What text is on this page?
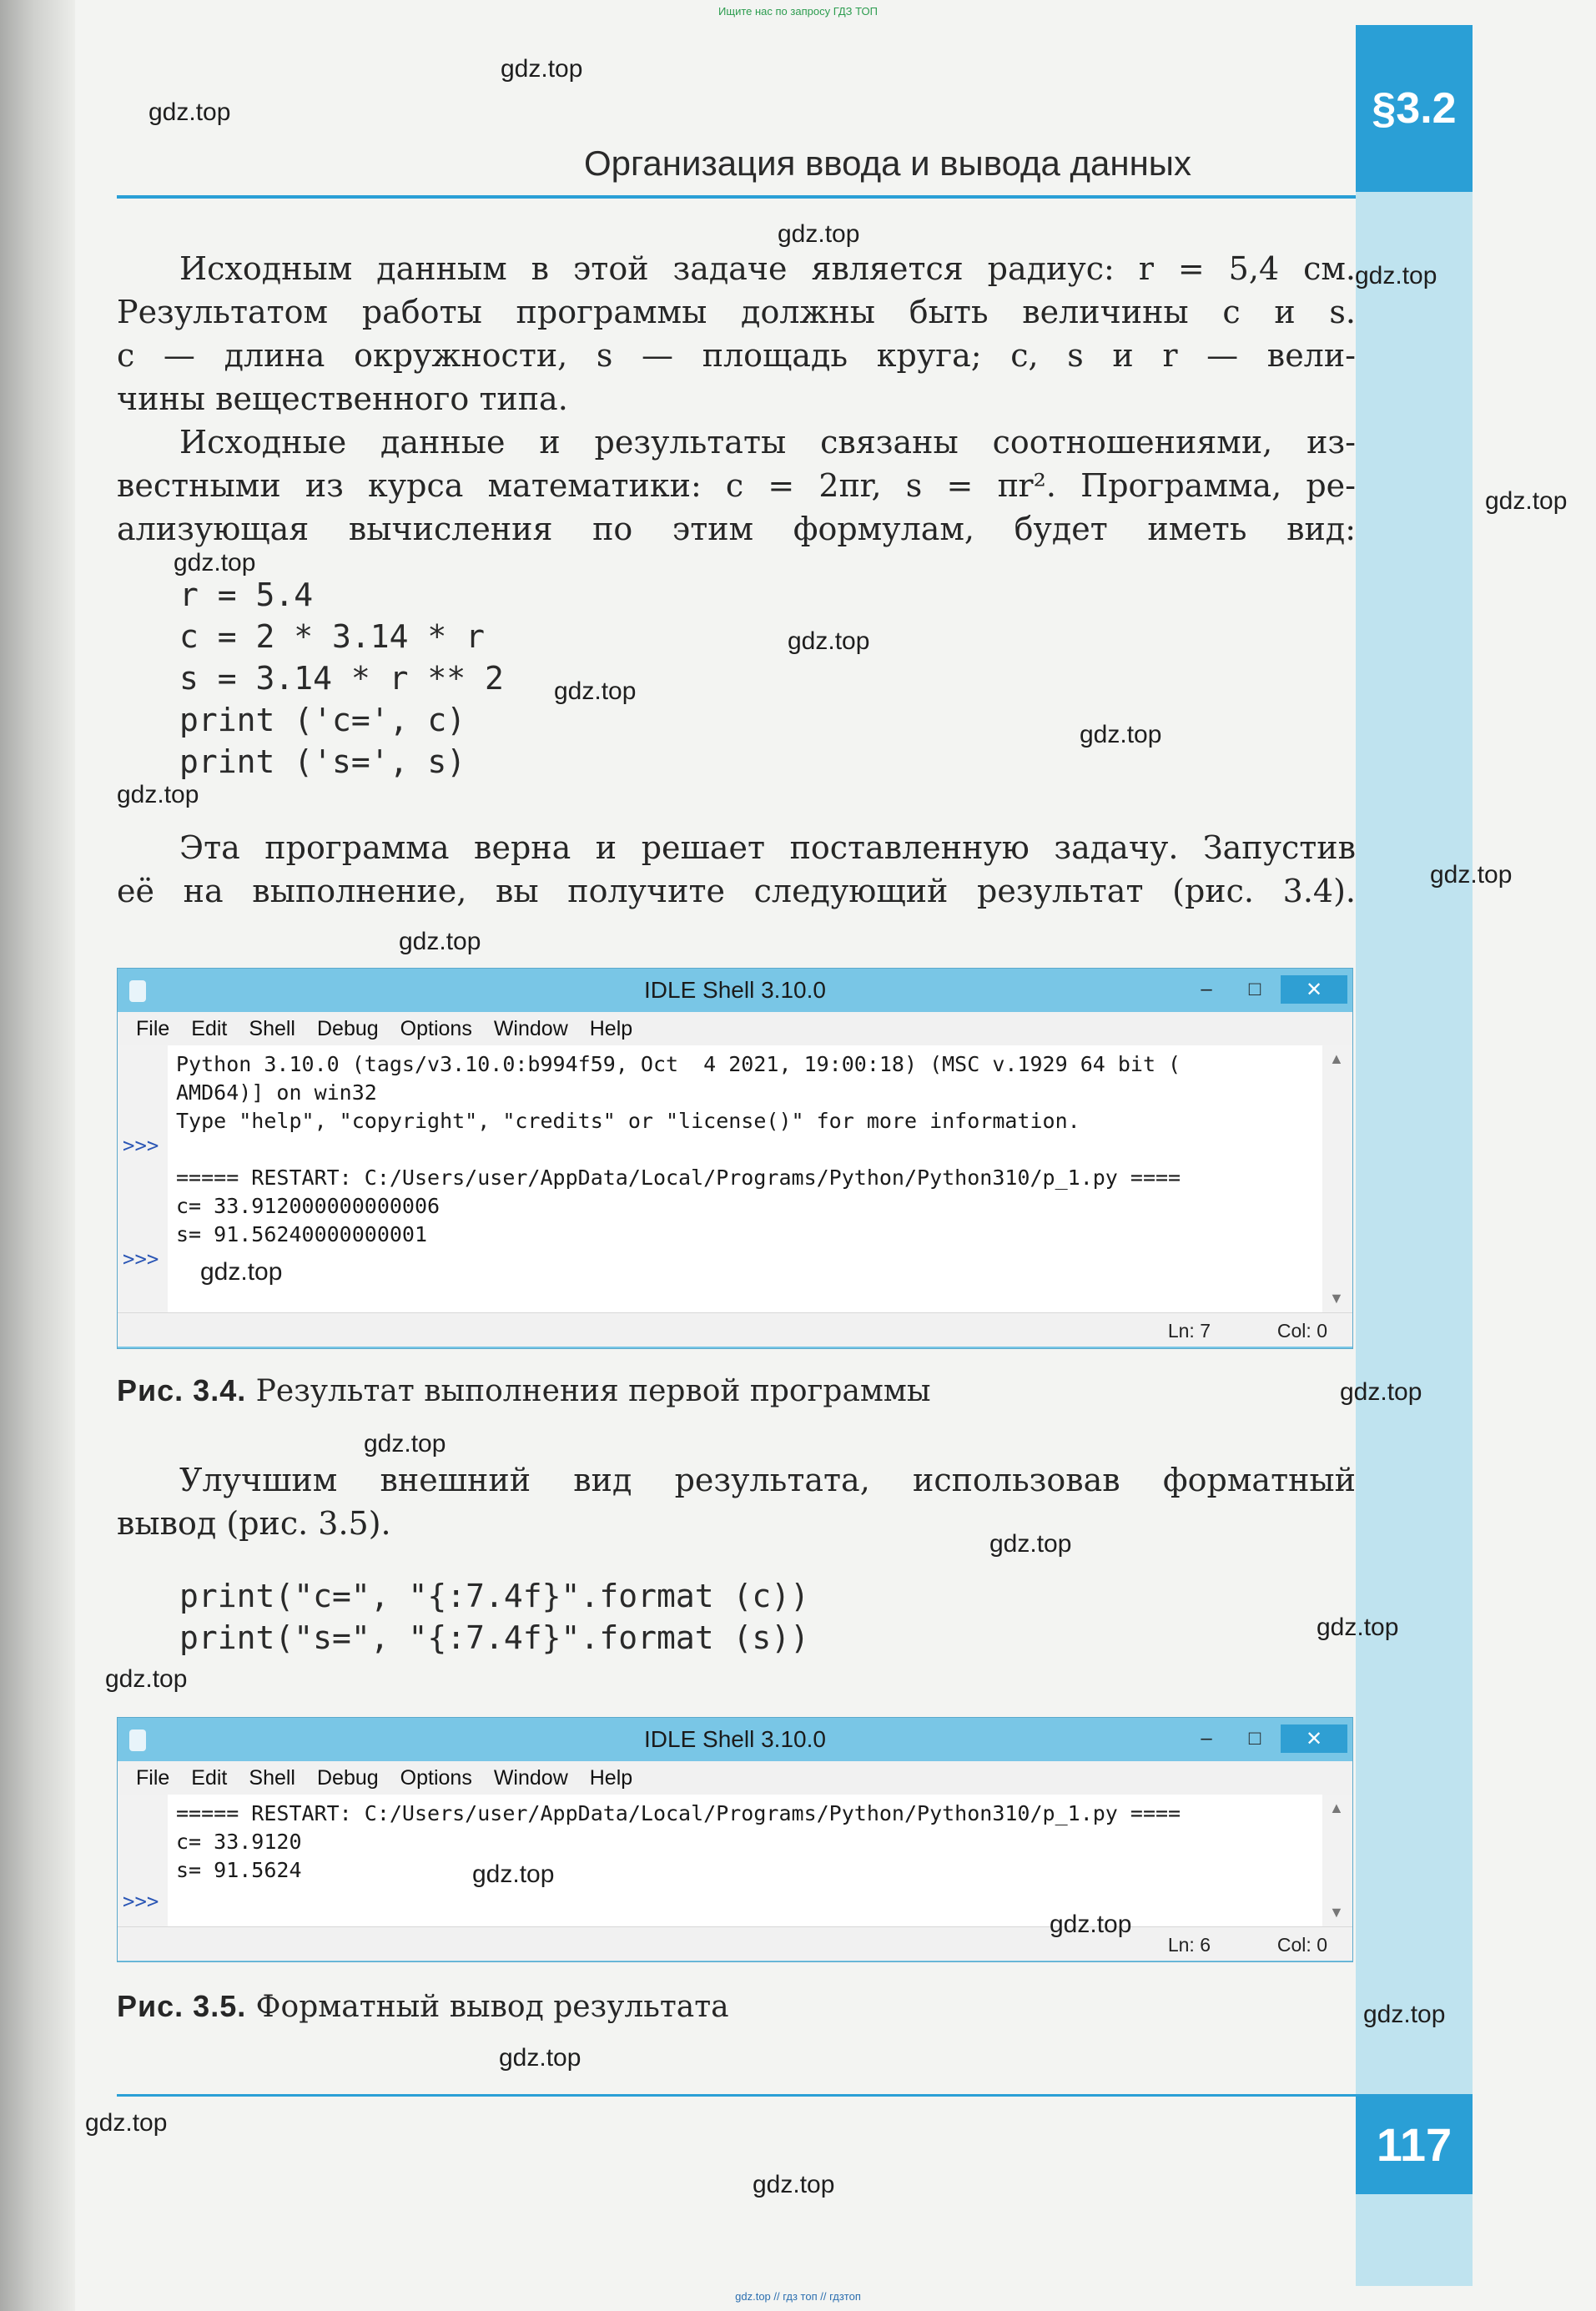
§3.2
117
Ищите нас по запросу ГДЗ ТОП
gdz.top // гдз топ // гдзтоп
Организация ввода и вывода данных
Исходным данным в этой задаче является радиус: r = 5,4 см.
Результатом работы программы должны быть величины c и s.
c — длина окружности, s — площадь круга; c, s и r — вели-
чины вещественного типа.
Исходные данные и результаты связаны соотношениями, из-
вестными из курса математики: c = 2πr, s = πr². Программа, ре-
ализующая вычисления по этим формулам, будет иметь вид:
r = 5.4
c = 2 * 3.14 * r
s = 3.14 * r ** 2
print ('c=', c)
print ('s=', s)
Эта программа верна и решает поставленную задачу. Запустив
её на выполнение, вы получите следующий результат (рис. 3.4).
IDLE Shell 3.10.0	–	□	✕
File Edit Shell Debug Options Window Help
>>>
>>>
Python 3.10.0 (tags/v3.10.0:b994f59, Oct  4 2021, 19:00:18) (MSC v.1929 64 bit (
AMD64)] on win32
Type "help", "copyright", "credits" or "license()" for more information.

===== RESTART: C:/Users/user/AppData/Local/Programs/Python/Python310/p_1.py ====
c= 33.912000000000006
s= 91.56240000000001

▲
▼
Ln: 7	Col: 0
Рис. 3.4. Результат выполнения первой программы
Улучшим внешний вид результата, использовав форматный
вывод (рис. 3.5).
print("c=", "{:7.4f}".format (c))
print("s=", "{:7.4f}".format (s))
IDLE Shell 3.10.0	–	□	✕
File Edit Shell Debug Options Window Help
>>>
===== RESTART: C:/Users/user/AppData/Local/Programs/Python/Python310/p_1.py ====
c= 33.9120
s= 91.5624

▲
▼
Ln: 6	Col: 0
Рис. 3.5. Форматный вывод результата
gdz.top
gdz.top
gdz.top
gdz.top
gdz.top
gdz.top
gdz.top
gdz.top
gdz.top
gdz.top
gdz.top
gdz.top
gdz.top
gdz.top
gdz.top
gdz.top
gdz.top
gdz.top
gdz.top
gdz.top
gdz.top
gdz.top
gdz.top
gdz.top
